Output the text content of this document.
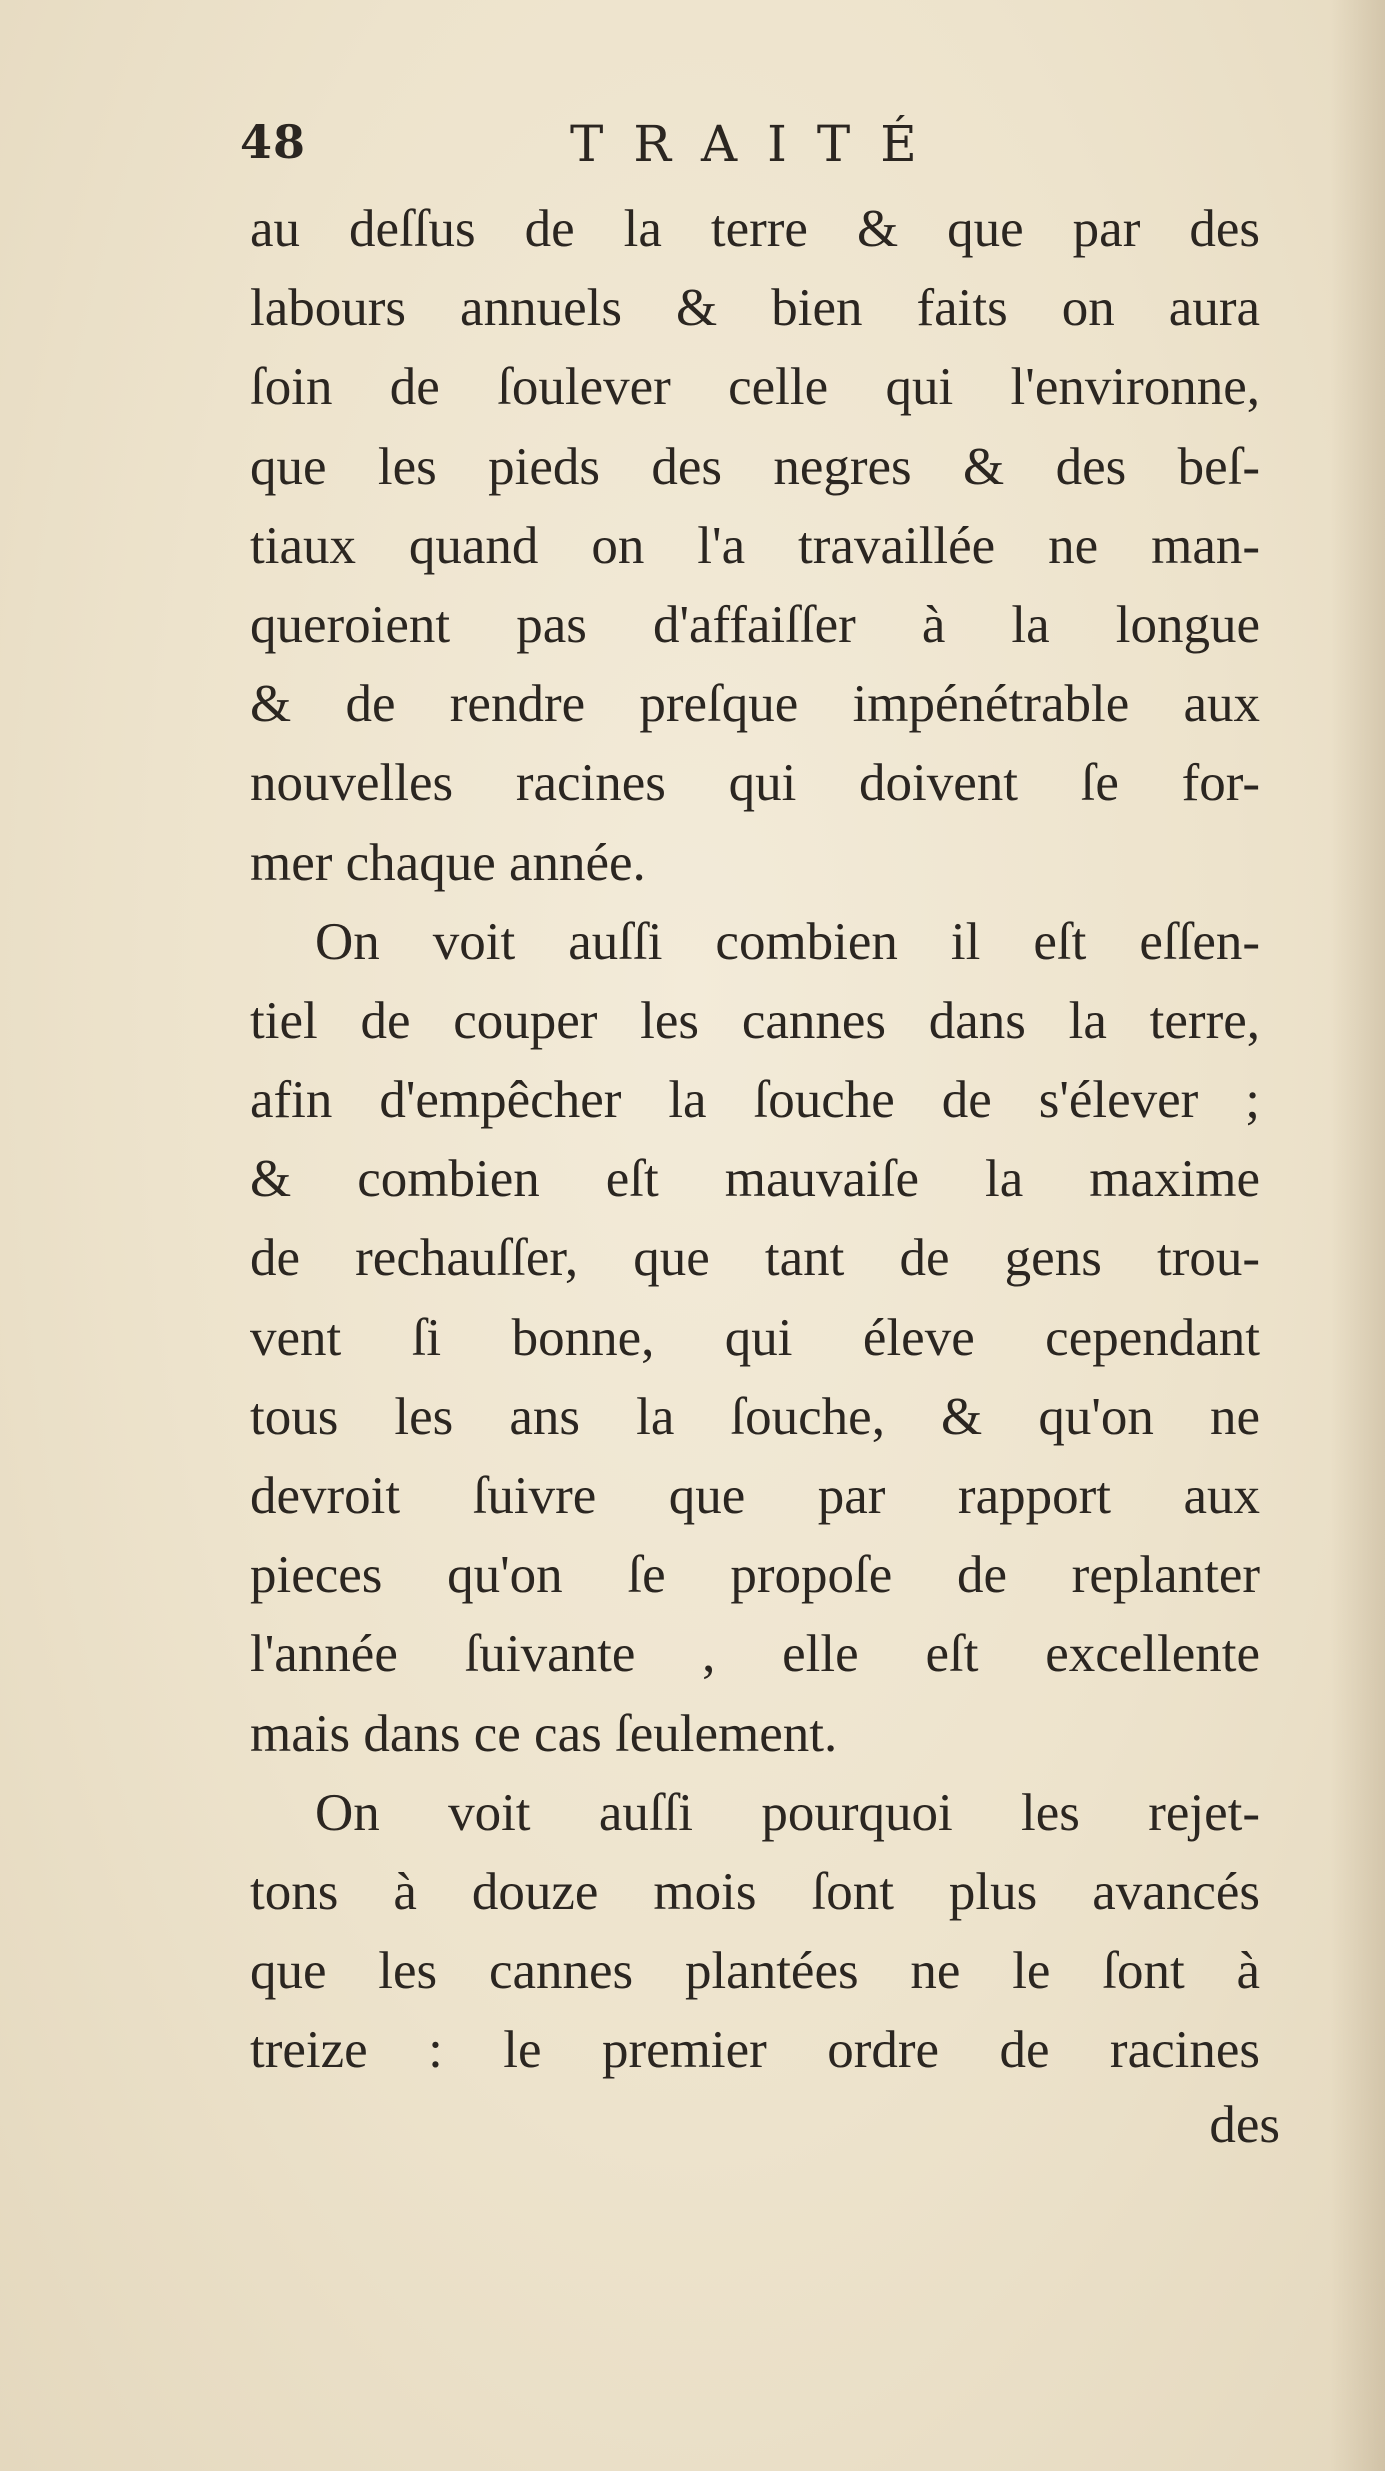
48	TRAITÉ
au deſſus de la terre & que par des
labours annuels & bien faits on aura
ſoin de ſoulever celle qui l'environne,
que les pieds des negres & des beſ-
tiaux quand on l'a travaillée ne man-
queroient pas d'affaiſſer à la longue
& de rendre preſque impénétrable aux
nouvelles racines qui doivent ſe for-
mer chaque année.
On voit auſſi combien il eſt eſſen-
tiel de couper les cannes dans la terre,
afin d'empêcher la ſouche de s'élever ;
& combien eſt mauvaiſe la maxime
de rechauſſer, que tant de gens trou-
vent ſi bonne, qui éleve cependant
tous les ans la ſouche, & qu'on ne
devroit ſuivre que par rapport aux
pieces qu'on ſe propoſe de replanter
l'année ſuivante , elle eſt excellente
mais dans ce cas ſeulement.
On voit auſſi pourquoi les rejet-
tons à douze mois ſont plus avancés
que les cannes plantées ne le ſont à
treize : le premier ordre de racines
des
